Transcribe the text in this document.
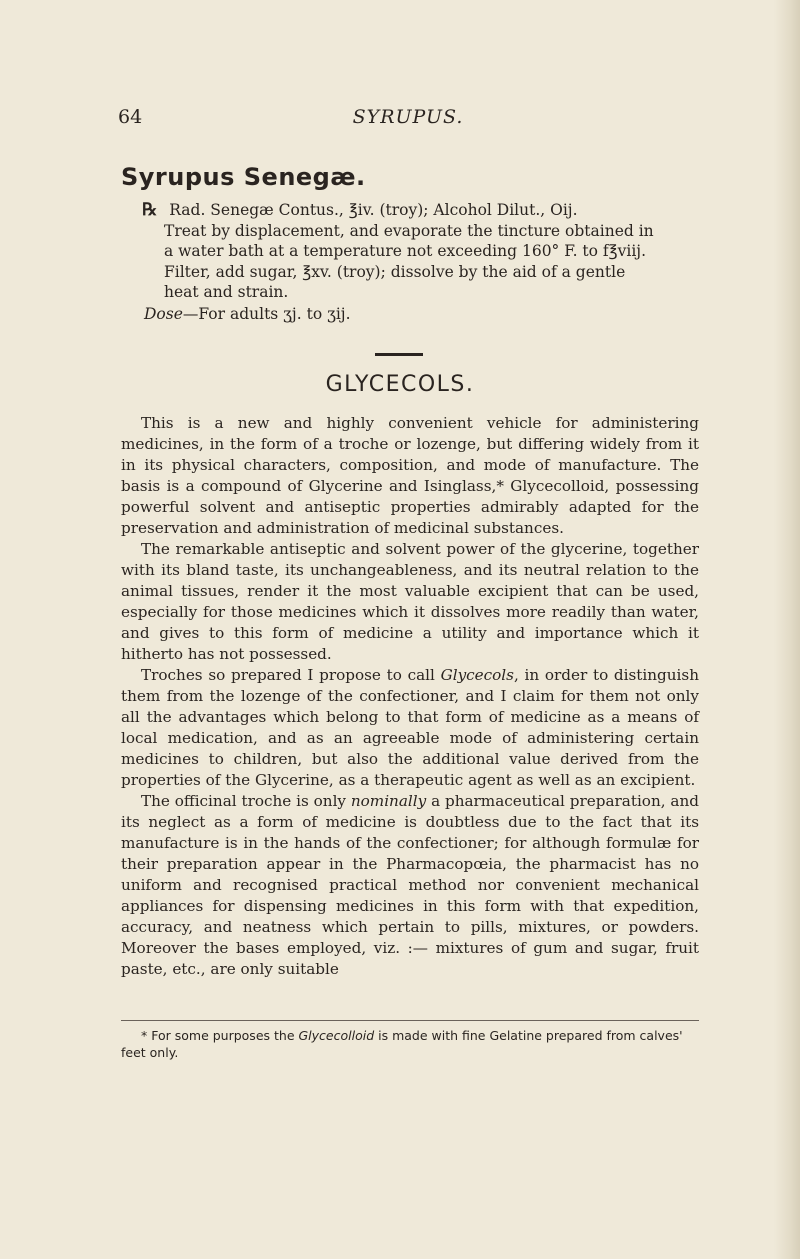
64	SYRUPUS.
Syrupus Senegæ.

℞ Rad. Senegæ Contus., ℥iv. (troy); Alcohol Dilut., Oij.

Treat by displacement, and evaporate the tincture obtained in

a water bath at a temperature not exceeding 160° F. to f℥viij.

Filter, add sugar, ℥xv. (troy); dissolve by the aid of a gentle

heat and strain.

Dose—For adults ʒj. to ʒij.
GLYCECOLS.

This is a new and highly convenient vehicle for administering medicines, in the form of a troche or lozenge, but differing widely from it in its physical characters, composition, and mode of manufacture. The basis is a compound of Glycerine and Isinglass,* Glycecolloid, possessing powerful solvent and antiseptic properties admirably adapted for the preservation and administration of medicinal substances.

The remarkable antiseptic and solvent power of the glycerine, together with its bland taste, its unchangeableness, and its neutral relation to the animal tissues, render it the most valuable excipient that can be used, especially for those medicines which it dissolves more readily than water, and gives to this form of medicine a utility and importance which it hitherto has not possessed.

Troches so prepared I propose to call Glycecols, in order to distinguish them from the lozenge of the confectioner, and I claim for them not only all the advantages which belong to that form of medicine as a means of local medication, and as an agreeable mode of administering certain medicines to children, but also the additional value derived from the properties of the Glycerine, as a therapeutic agent as well as an excipient.

The officinal troche is only nominally a pharmaceutical preparation, and its neglect as a form of medicine is doubtless due to the fact that its manufacture is in the hands of the confectioner; for although formulæ for their preparation appear in the Pharmacopœia, the pharmacist has no uniform and recognised practical method nor convenient mechanical appliances for dispensing medicines in this form with that expedition, accuracy, and neatness which pertain to pills, mixtures, or powders. Moreover the bases employed, viz. :— mixtures of gum and sugar, fruit paste, etc., are only suitable

* For some purposes the Glycecolloid is made with fine Gelatine prepared from calves' feet only.
